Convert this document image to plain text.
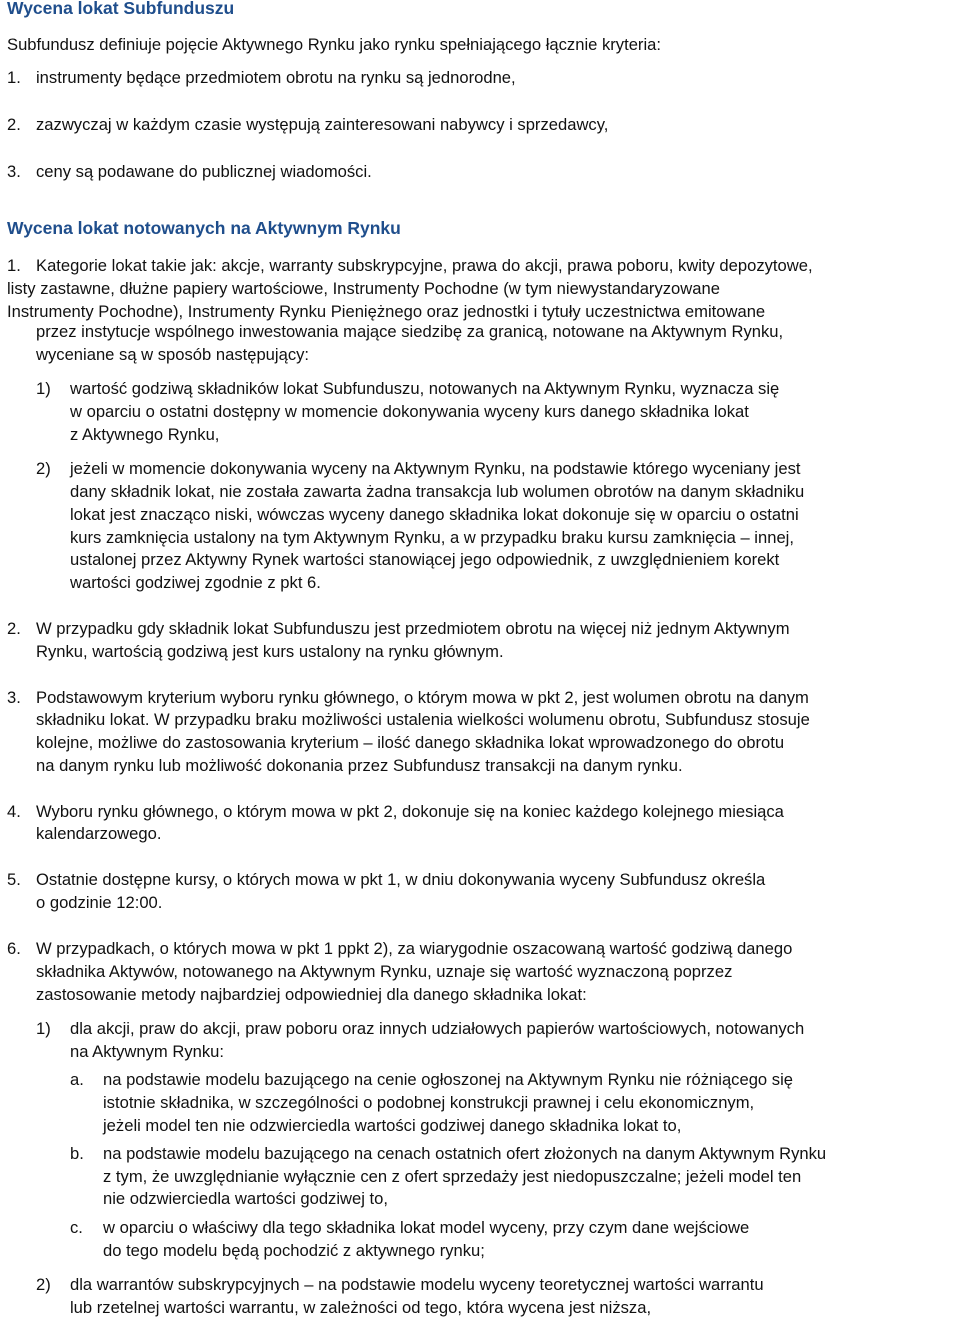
Wycena lokat Subfunduszu
Subfundusz definiuje pojęcie Aktywnego Rynku jako rynku spełniającego łącznie kryteria:
1. instrumenty będące przedmiotem obrotu na rynku są jednorodne,
2. zazwyczaj w każdym czasie występują zainteresowani nabywcy i sprzedawcy,
3. ceny są podawane do publicznej wiadomości.
Wycena lokat notowanych na Aktywnym Rynku
1. Kategorie lokat takie jak: akcje, warranty subskrypcyjne, prawa do akcji, prawa poboru, kwity depozytowe,
listy zastawne, dłużne papiery wartościowe, Instrumenty Pochodne (w tym niewystandaryzowane
Instrumenty Pochodne), Instrumenty Rynku Pieniężnego oraz jednostki i tytuły uczestnictwa emitowane
przez instytucje wspólnego inwestowania mające siedzibę za granicą, notowane na Aktywnym Rynku,
wyceniane są w sposób następujący:
1) wartość godziwą składników lokat Subfunduszu, notowanych na Aktywnym Rynku, wyznacza się
w oparciu o ostatni dostępny w momencie dokonywania wyceny kurs danego składnika lokat
z Aktywnego Rynku,
2) jeżeli w momencie dokonywania wyceny na Aktywnym Rynku, na podstawie którego wyceniany jest
dany składnik lokat, nie została zawarta żadna transakcja lub wolumen obrotów na danym składniku
lokat jest znacząco niski, wówczas wyceny danego składnika lokat dokonuje się w oparciu o ostatni
kurs zamknięcia ustalony na tym Aktywnym Rynku, a w przypadku braku kursu zamknięcia – innej,
ustalonej przez Aktywny Rynek wartości stanowiącej jego odpowiednik, z uwzględnieniem korekt
wartości godziwej zgodnie z pkt 6.
2. W przypadku gdy składnik lokat Subfunduszu jest przedmiotem obrotu na więcej niż jednym Aktywnym
Rynku, wartością godziwą jest kurs ustalony na rynku głównym.
3. Podstawowym kryterium wyboru rynku głównego, o którym mowa w pkt 2, jest wolumen obrotu na danym
składniku lokat. W przypadku braku możliwości ustalenia wielkości wolumenu obrotu, Subfundusz stosuje
kolejne, możliwe do zastosowania kryterium – ilość danego składnika lokat wprowadzonego do obrotu
na danym rynku lub możliwość dokonania przez Subfundusz transakcji na danym rynku.
4. Wyboru rynku głównego, o którym mowa w pkt 2, dokonuje się na koniec każdego kolejnego miesiąca
kalendarzowego.
5. Ostatnie dostępne kursy, o których mowa w pkt 1, w dniu dokonywania wyceny Subfundusz określa
o godzinie 12:00.
6. W przypadkach, o których mowa w pkt 1 ppkt 2), za wiarygodnie oszacowaną wartość godziwą danego
składnika Aktywów, notowanego na Aktywnym Rynku, uznaje się wartość wyznaczoną poprzez
zastosowanie metody najbardziej odpowiedniej dla danego składnika lokat:
1) dla akcji, praw do akcji, praw poboru oraz innych udziałowych papierów wartościowych, notowanych
na Aktywnym Rynku:
a. na podstawie modelu bazującego na cenie ogłoszonej na Aktywnym Rynku nie różniącego się
istotnie składnika, w szczególności o podobnej konstrukcji prawnej i celu ekonomicznym,
jeżeli model ten nie odzwierciedla wartości godziwej danego składnika lokat to,
b. na podstawie modelu bazującego na cenach ostatnich ofert złożonych na danym Aktywnym Rynku
z tym, że uwzględnianie wyłącznie cen z ofert sprzedaży jest niedopuszczalne; jeżeli model ten
nie odzwierciedla wartości godziwej to,
c. w oparciu o właściwy dla tego składnika lokat model wyceny, przy czym dane wejściowe
do tego modelu będą pochodzić z aktywnego rynku;
2) dla warrantów subskrypcyjnych – na podstawie modelu wyceny teoretycznej wartości warrantu
lub rzetelnej wartości warrantu, w zależności od tego, która wycena jest niższa,
